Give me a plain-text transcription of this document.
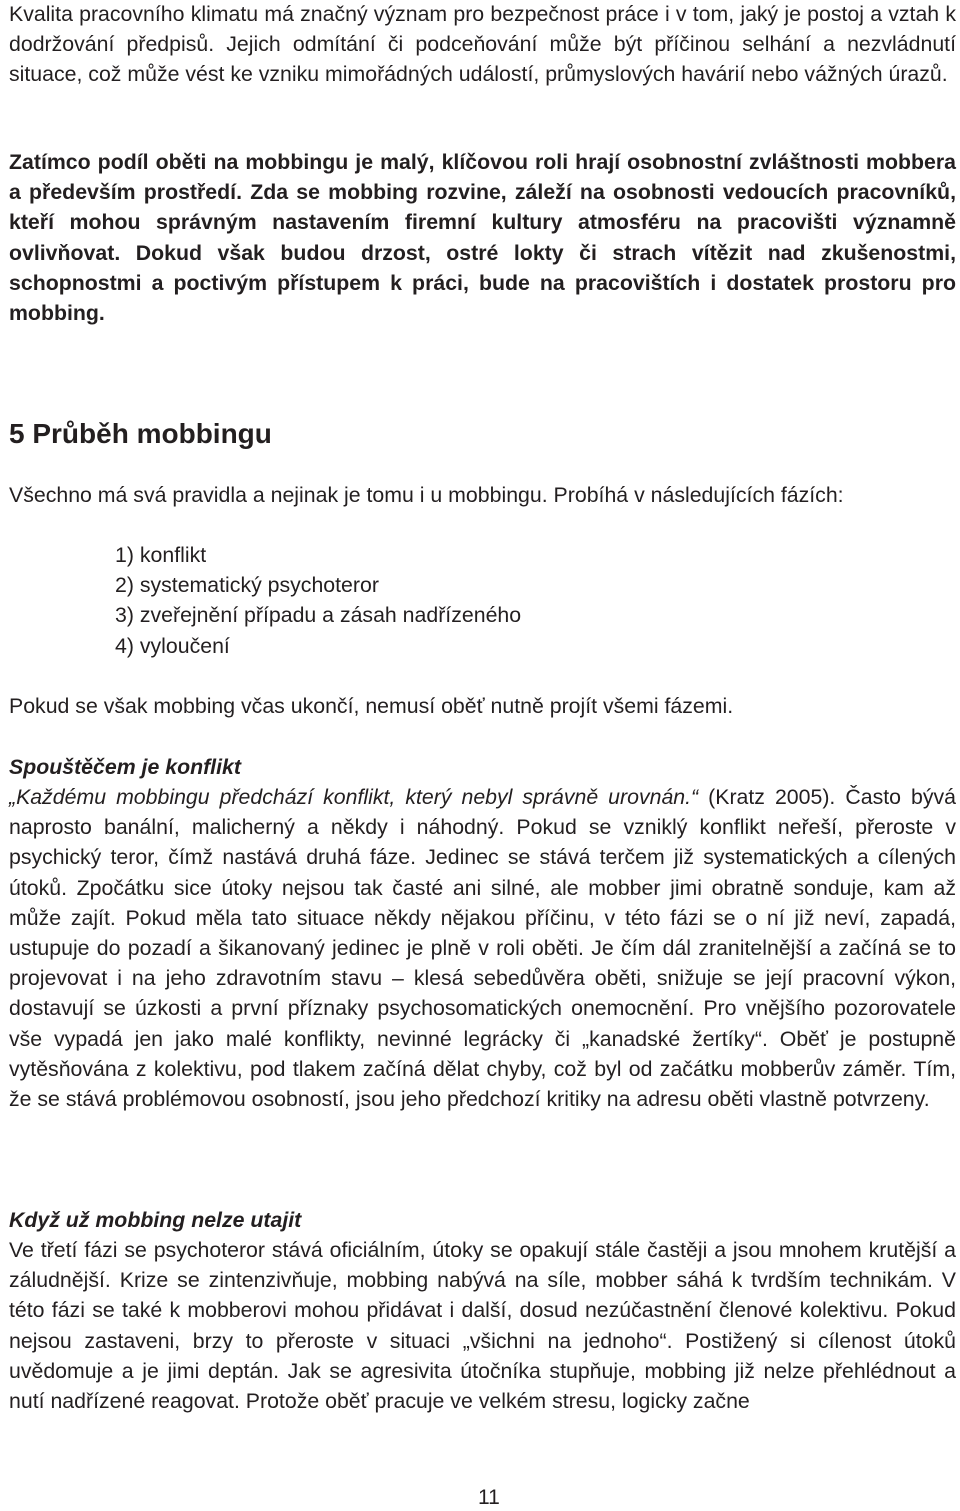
Kvalita pracovního klimatu má značný význam pro bezpečnost práce i v tom, jaký je postoj a vztah k dodržování předpisů. Jejich odmítání či podceňování může být příčinou selhání a nezvládnutí situace, což může vést ke vzniku mimořádných událostí, průmyslových havárií nebo vážných úrazů.

Zatímco podíl oběti na mobbingu je malý, klíčovou roli hrají osobnostní zvláštnosti mobbera a především prostředí. Zda se mobbing rozvine, záleží na osobnosti vedoucích pracovníků, kteří mohou správným nastavením firemní kultury atmosféru na pracovišti významně ovlivňovat. Dokud však budou drzost, ostré lokty či strach vítězit nad zkušenostmi, schopnostmi a poctivým přístupem k práci, bude na pracovištích i dostatek prostoru pro mobbing.

5 Průběh mobbingu

Všechno má svá pravidla a nejinak je tomu i u mobbingu. Probíhá v následujících fázích:

1) konflikt
2) systematický psychoteror
3) zveřejnění případu a zásah nadřízeného
4) vyloučení

Pokud se však mobbing včas ukončí, nemusí oběť nutně projít všemi fázemi.

Spouštěčem je konflikt

„Každému mobbingu předchází konflikt, který nebyl správně urovnán.“ (Kratz 2005). Často bývá naprosto banální, malicherný a někdy i náhodný. Pokud se vzniklý konflikt neřeší, přeroste v psychický teror, čímž nastává druhá fáze. Jedinec se stává terčem již systematických a cílených útoků. Zpočátku sice útoky nejsou tak časté ani silné, ale mobber jimi obratně sonduje, kam až může zajít. Pokud měla tato situace někdy nějakou příčinu, v této fázi se o ní již neví, zapadá, ustupuje do pozadí a šikanovaný jedinec je plně v roli oběti. Je čím dál zranitelnější a začíná se to projevovat i na jeho zdravotním stavu – klesá sebedůvěra oběti, snižuje se její pracovní výkon, dostavují se úzkosti a první příznaky psychosomatických onemocnění. Pro vnějšího pozorovatele vše vypadá jen jako malé konflikty, nevinné legrácky či „kanadské žertíky“. Oběť je postupně vytěsňována z kolektivu, pod tlakem začíná dělat chyby, což byl od začátku mobberův záměr. Tím, že se stává problémovou osobností, jsou jeho předchozí kritiky na adresu oběti vlastně potvrzeny.

Když už mobbing nelze utajit

Ve třetí fázi se psychoteror stává oficiálním, útoky se opakují stále častěji a jsou mnohem krutější a záludnější. Krize se zintenzivňuje, mobbing nabývá na síle, mobber sáhá k tvrdším technikám. V této fázi se také k mobberovi mohou přidávat i další, dosud nezúčastnění členové kolektivu. Pokud nejsou zastaveni, brzy to přeroste v situaci „všichni na jednoho“. Postižený si cílenost útoků uvědomuje a je jimi deptán. Jak se agresivita útočníka stupňuje, mobbing již nelze přehlédnout a nutí nadřízené reagovat. Protože oběť pracuje ve velkém stresu, logicky začne

11
